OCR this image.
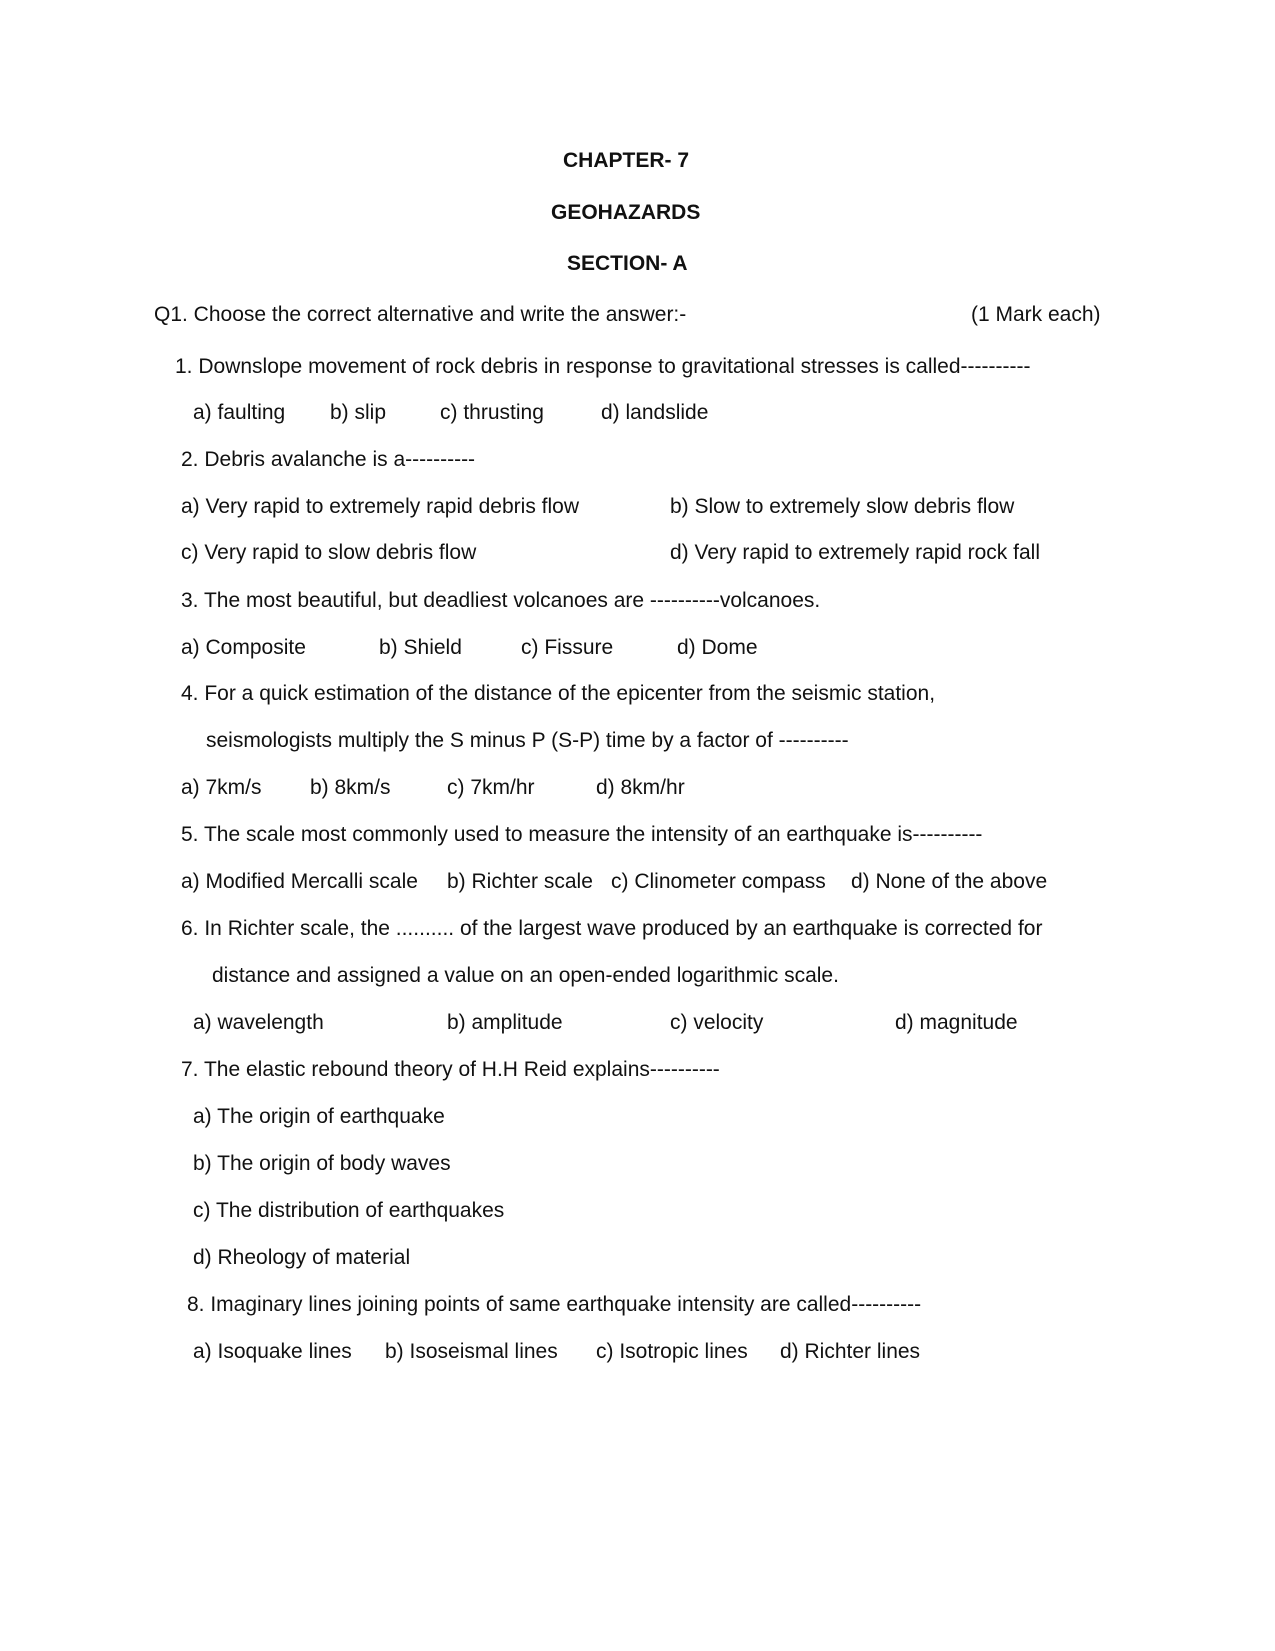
CHAPTER- 7
GEOHAZARDS
SECTION- A
Q1. Choose the correct alternative and write the answer:-	(1 Mark each)
1. Downslope movement of rock debris in response to gravitational stresses is called----------
a) faulting b) slip	c) thrusting	d) landslide
2. Debris avalanche is a----------
a) Very rapid to extremely rapid debris flow	b) Slow to extremely slow debris flow
c) Very rapid to slow debris flow	d) Very rapid to extremely rapid rock fall
3. The most beautiful, but deadliest volcanoes are ----------volcanoes.
a) Composite	b) Shield	c) Fissure	d) Dome
4. For a quick estimation of the distance of the epicenter from the seismic station,
seismologists multiply the S minus P (S-P) time by a factor of ----------
a) 7km/s b) 8km/s	c) 7km/hr	d) 8km/hr
5. The scale most commonly used to measure the intensity of an earthquake is----------
a) Modified Mercalli scale b) Richter scale c) Clinometer compass d) None of the above
6. In Richter scale, the .......... of the largest wave produced by an earthquake is corrected for
distance and assigned a value on an open-ended logarithmic scale.
a) wavelength	b) amplitude	c) velocity	d) magnitude
7. The elastic rebound theory of H.H Reid explains----------
a) The origin of earthquake
b) The origin of body waves
c) The distribution of earthquakes
d) Rheology of material
8. Imaginary lines joining points of same earthquake intensity are called----------
a) Isoquake lines b) Isoseismal lines c) Isotropic lines d) Richter lines
